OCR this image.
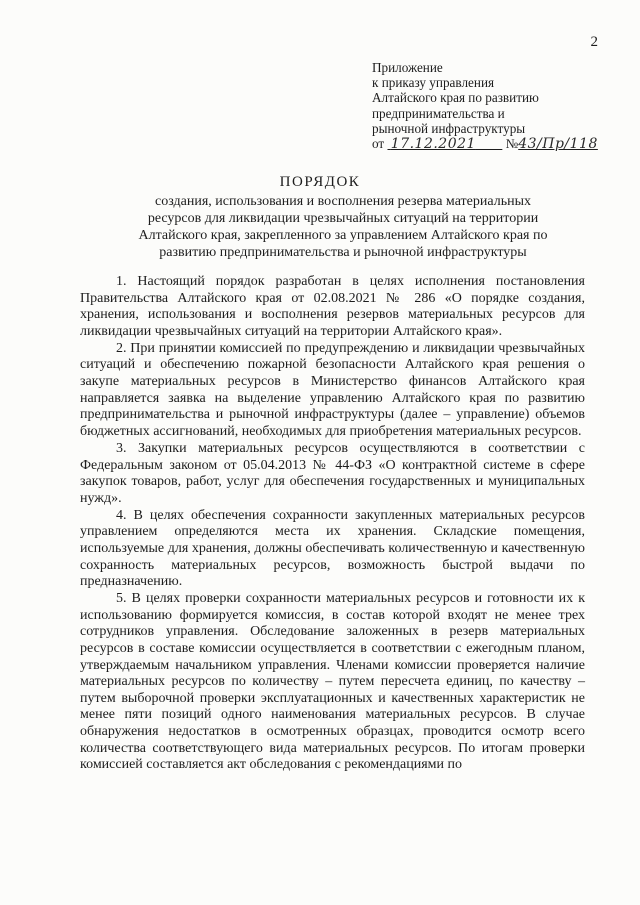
2
Приложение
к приказу управления
Алтайского края по развитию
предпринимательства и
рыночной инфраструктуры
от 17.12.2021 №43/Пр/118
ПОРЯДОК
создания, использования и восполнения резерва материальных ресурсов для ликвидации чрезвычайных ситуаций на территории Алтайского края, закрепленного за управлением Алтайского края по развитию предпринимательства и рыночной инфраструктуры

1. Настоящий порядок разработан в целях исполнения постановления Правительства Алтайского края от 02.08.2021 № 286 «О порядке создания, хранения, использования и восполнения резервов материальных ресурсов для ликвидации чрезвычайных ситуаций на территории Алтайского края».

2. При принятии комиссией по предупреждению и ликвидации чрезвычайных ситуаций и обеспечению пожарной безопасности Алтайского края решения о закупе материальных ресурсов в Министерство финансов Алтайского края направляется заявка на выделение управлению Алтайского края по развитию предпринимательства и рыночной инфраструктуры (далее – управление) объемов бюджетных ассигнований, необходимых для приобретения материальных ресурсов.

3. Закупки материальных ресурсов осуществляются в соответствии с Федеральным законом от 05.04.2013 № 44-ФЗ «О контрактной системе в сфере закупок товаров, работ, услуг для обеспечения государственных и муниципальных нужд».

4. В целях обеспечения сохранности закупленных материальных ресурсов управлением определяются места их хранения. Складские помещения, используемые для хранения, должны обеспечивать количественную и качественную сохранность материальных ресурсов, возможность быстрой выдачи по предназначению.

5. В целях проверки сохранности материальных ресурсов и готовности их к использованию формируется комиссия, в состав которой входят не менее трех сотрудников управления. Обследование заложенных в резерв материальных ресурсов в составе комиссии осуществляется в соответствии с ежегодным планом, утверждаемым начальником управления. Членами комиссии проверяется наличие материальных ресурсов по количеству – путем пересчета единиц, по качеству – путем выборочной проверки эксплуатационных и качественных характеристик не менее пяти позиций одного наименования материальных ресурсов. В случае обнаружения недостатков в осмотренных образцах, проводится осмотр всего количества соответствующего вида материальных ресурсов. По итогам проверки комиссией составляется акт обследования с рекомендациями по
